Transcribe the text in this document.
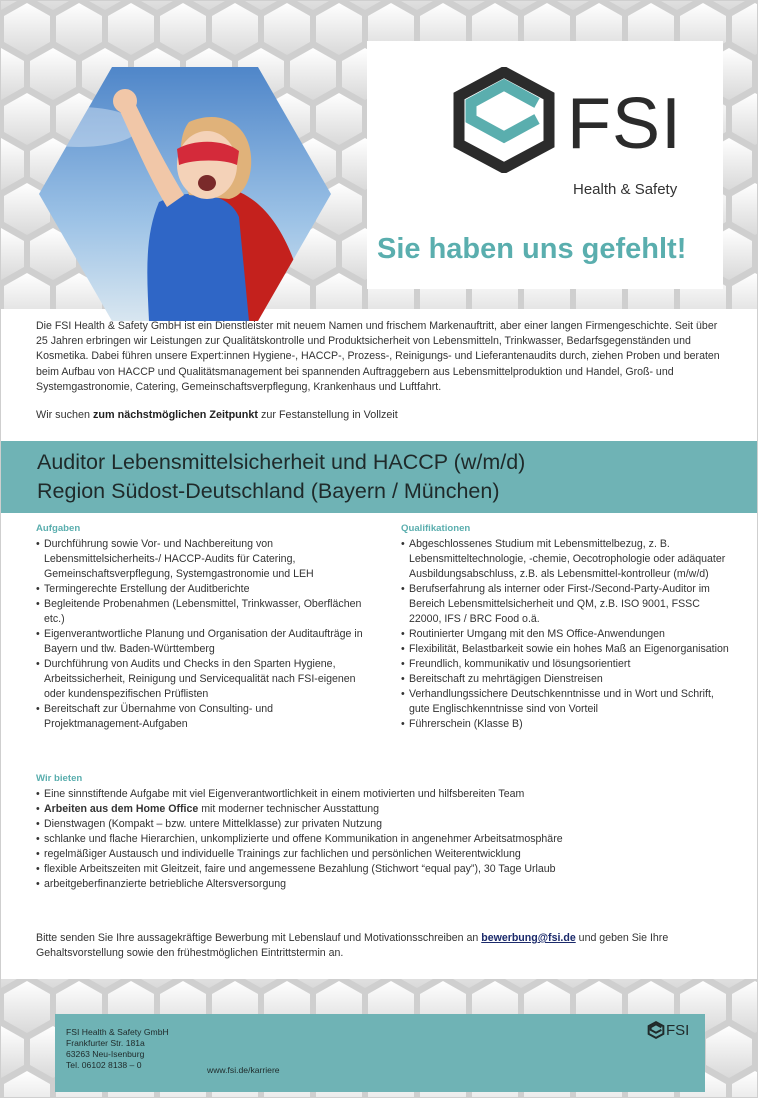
FSI
Health & Safety
Sie haben uns gefehlt!

Die FSI Health & Safety GmbH ist ein Dienstleister mit neuem Namen und frischem Markenauftritt, aber einer langen Firmengeschichte. Seit über 25 Jahren erbringen wir Leistungen zur Qualitätskontrolle und Produktsicherheit von Lebensmitteln, Trinkwasser, Bedarfsgegenständen und Kosmetika. Dabei führen unsere Expert:innen Hygiene-, HACCP-, Prozess-, Reinigungs- und Lieferantenaudits durch, ziehen Proben und beraten beim Aufbau von HACCP und Qualitätsmanagement bei spannenden Auftraggebern aus Lebensmittelproduktion und Handel, Groß- und Systemgastronomie, Catering, Gemeinschaftsverpflegung, Krankenhaus und Luftfahrt.

Wir suchen zum nächstmöglichen Zeitpunkt zur Festanstellung in Vollzeit

Auditor Lebensmittelsicherheit und HACCP (w/m/d)
Region Südost-Deutschland (Bayern / München)
Aufgaben
• Durchführung sowie Vor- und Nachbereitung von Lebensmittelsicherheits-/ HACCP-Audits für Catering, Gemeinschaftsverpflegung, Systemgastronomie und LEH
• Termingerechte Erstellung der Auditberichte
• Begleitende Probenahmen (Lebensmittel, Trinkwasser, Oberflächen etc.)
• Eigenverantwortliche Planung und Organisation der Auditaufträge in Bayern und tlw. Baden-Württemberg
• Durchführung von Audits und Checks in den Sparten Hygiene, Arbeitssicherheit, Reinigung und Servicequalität nach FSI-eigenen oder kundenspezifischen Prüflisten
• Bereitschaft zur Übernahme von Consulting- und Projektmanagement-Aufgaben
Qualifikationen
• Abgeschlossenes Studium mit Lebensmittelbezug, z. B. Lebensmitteltechnologie, -chemie, Oecotrophologie oder adäquater Ausbildungsabschluss, z.B. als Lebensmittel-kontrolleur (m/w/d)
• Berufserfahrung als interner oder First-/Second-Party-Auditor im Bereich Lebensmittelsicherheit und QM, z.B. ISO 9001, FSSC 22000, IFS / BRC Food o.ä.
• Routinierter Umgang mit den MS Office-Anwendungen
• Flexibilität, Belastbarkeit sowie ein hohes Maß an Eigenorganisation
• Freundlich, kommunikativ und lösungsorientiert
• Bereitschaft zu mehrtägigen Dienstreisen
• Verhandlungssichere Deutschkenntnisse und in Wort und Schrift, gute Englischkenntnisse sind von Vorteil
• Führerschein (Klasse B)
Wir bieten
• Eine sinnstiftende Aufgabe mit viel Eigenverantwortlichkeit in einem motivierten und hilfsbereiten Team
• Arbeiten aus dem Home Office mit moderner technischer Ausstattung
• Dienstwagen (Kompakt – bzw. untere Mittelklasse) zur privaten Nutzung
• schlanke und flache Hierarchien, unkomplizierte und offene Kommunikation in angenehmer Arbeitsatmosphäre
• regelmäßiger Austausch und individuelle Trainings zur fachlichen und persönlichen Weiterentwicklung
• flexible Arbeitszeiten mit Gleitzeit, faire und angemessene Bezahlung (Stichwort “equal pay”), 30 Tage Urlaub
• arbeitgeberfinanzierte betriebliche Altersversorgung

Bitte senden Sie Ihre aussagekräftige Bewerbung mit Lebenslauf und Motivationsschreiben an bewerbung@fsi.de und geben Sie Ihre Gehaltsvorstellung sowie den frühestmöglichen Eintrittstermin an.

FSI Health & Safety GmbH
Frankfurter Str. 181a
63263 Neu-Isenburg
Tel. 06102 8138 – 0	www.fsi.de/karriere
FSI
